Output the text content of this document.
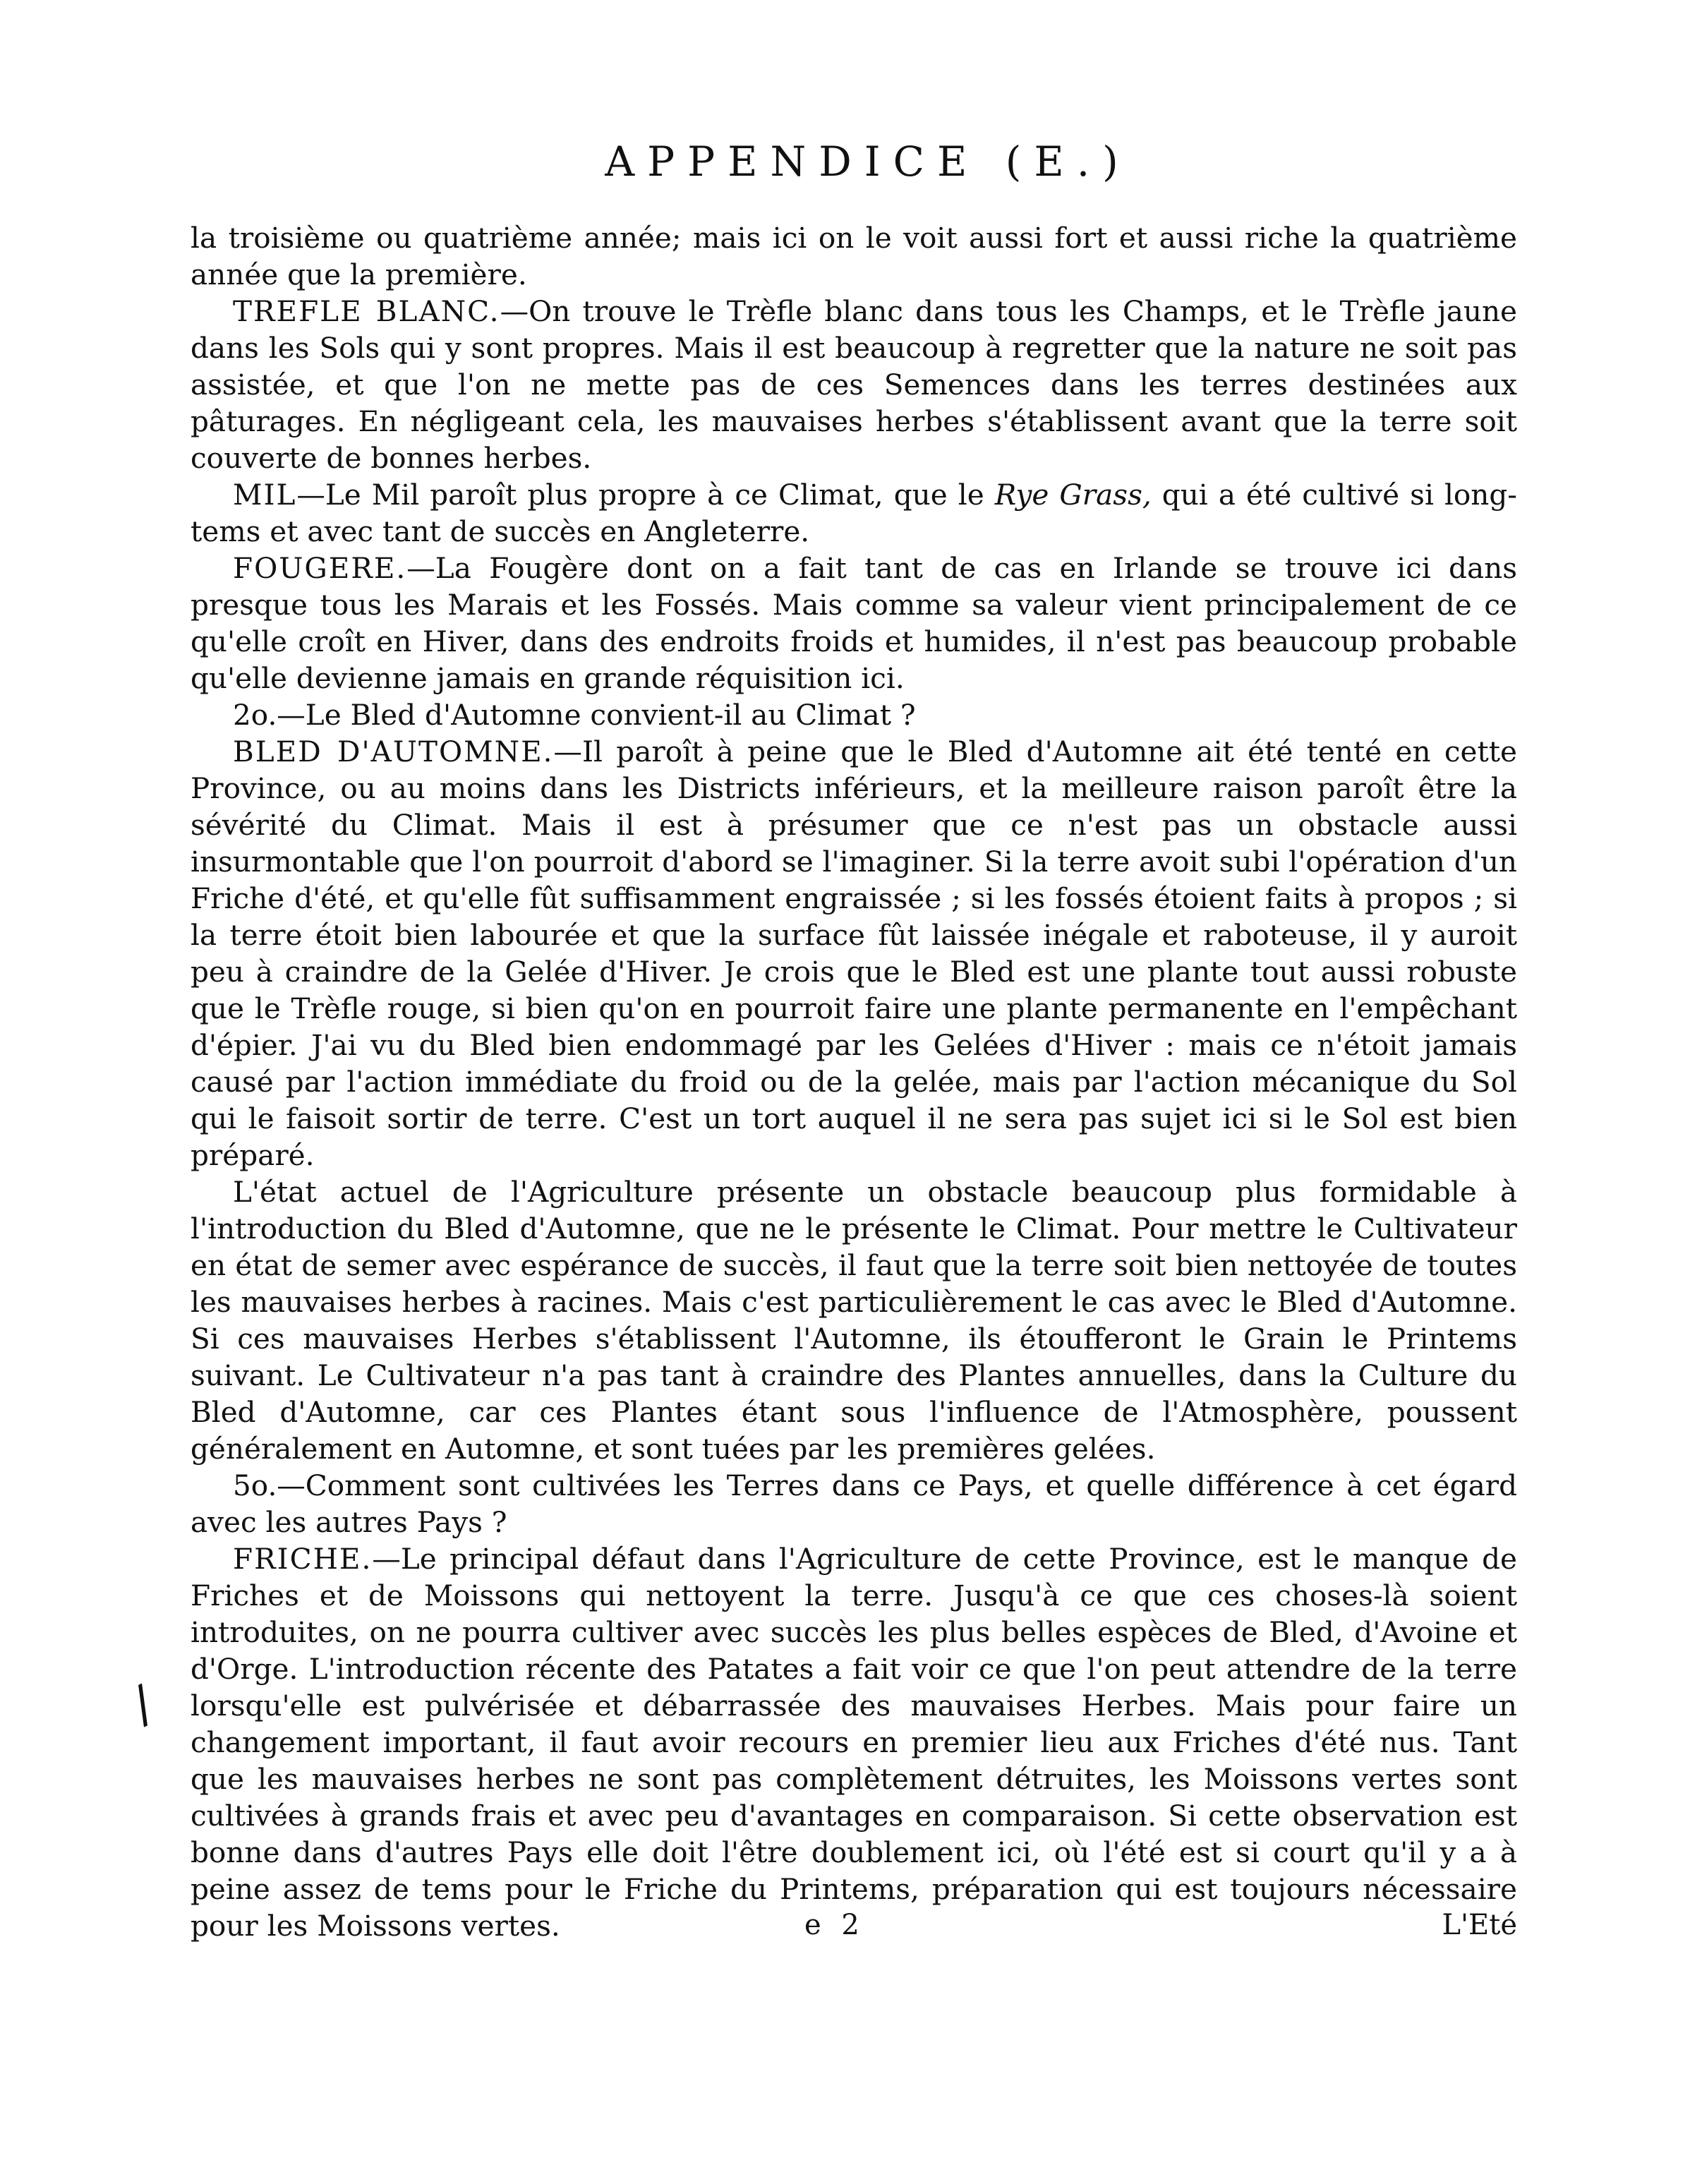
APPENDICE (E.)

la troisième ou quatrième année; mais ici on le voit aussi fort et aussi riche la quatrième année que la première.

TREFLE BLANC.—On trouve le Trèfle blanc dans tous les Champs, et le Trèfle jaune dans les Sols qui y sont propres. Mais il est beaucoup à regretter que la nature ne soit pas assistée, et que l'on ne mette pas de ces Semences dans les terres destinées aux pâturages. En négligeant cela, les mauvaises herbes s'établissent avant que la terre soit couverte de bonnes herbes.

MIL—Le Mil paroît plus propre à ce Climat, que le Rye Grass, qui a été cultivé si long-tems et avec tant de succès en Angleterre.

FOUGERE.—La Fougère dont on a fait tant de cas en Irlande se trouve ici dans presque tous les Marais et les Fossés. Mais comme sa valeur vient principalement de ce qu'elle croît en Hiver, dans des endroits froids et humides, il n'est pas beaucoup probable qu'elle devienne jamais en grande réquisition ici.

2o.—Le Bled d'Automne convient-il au Climat ?

BLED D'AUTOMNE.—Il paroît à peine que le Bled d'Automne ait été tenté en cette Province, ou au moins dans les Districts inférieurs, et la meilleure raison paroît être la sévérité du Climat. Mais il est à présumer que ce n'est pas un obstacle aussi insurmontable que l'on pourroit d'abord se l'imaginer. Si la terre avoit subi l'opération d'un Friche d'été, et qu'elle fût suffisamment engraissée ; si les fossés étoient faits à propos ; si la terre étoit bien labourée et que la surface fût laissée inégale et raboteuse, il y auroit peu à craindre de la Gelée d'Hiver. Je crois que le Bled est une plante tout aussi robuste que le Trèfle rouge, si bien qu'on en pourroit faire une plante permanente en l'empêchant d'épier. J'ai vu du Bled bien endommagé par les Gelées d'Hiver : mais ce n'étoit jamais causé par l'action immédiate du froid ou de la gelée, mais par l'action mécanique du Sol qui le faisoit sortir de terre. C'est un tort auquel il ne sera pas sujet ici si le Sol est bien préparé.

L'état actuel de l'Agriculture présente un obstacle beaucoup plus formidable à l'introduction du Bled d'Automne, que ne le présente le Climat. Pour mettre le Cultivateur en état de semer avec espérance de succès, il faut que la terre soit bien nettoyée de toutes les mauvaises herbes à racines. Mais c'est particulièrement le cas avec le Bled d'Automne. Si ces mauvaises Herbes s'établissent l'Automne, ils étoufferont le Grain le Printems suivant. Le Cultivateur n'a pas tant à craindre des Plantes annuelles, dans la Culture du Bled d'Automne, car ces Plantes étant sous l'influence de l'Atmosphère, poussent généralement en Automne, et sont tuées par les premières gelées.

5o.—Comment sont cultivées les Terres dans ce Pays, et quelle différence à cet égard avec les autres Pays ?

FRICHE.—Le principal défaut dans l'Agriculture de cette Province, est le manque de Friches et de Moissons qui nettoyent la terre. Jusqu'à ce que ces choses-là soient introduites, on ne pourra cultiver avec succès les plus belles espèces de Bled, d'Avoine et d'Orge. L'introduction récente des Patates a fait voir ce que l'on peut attendre de la terre lorsqu'elle est pulvérisée et débarrassée des mauvaises Herbes. Mais pour faire un changement important, il faut avoir recours en premier lieu aux Friches d'été nus. Tant que les mauvaises herbes ne sont pas complètement détruites, les Moissons vertes sont cultivées à grands frais et avec peu d'avantages en comparaison. Si cette observation est bonne dans d'autres Pays elle doit l'être doublement ici, où l'été est si court qu'il y a à peine assez de tems pour le Friche du Printems, préparation qui est toujours nécessaire pour les Moissons vertes.

/
e 2	L'Eté
